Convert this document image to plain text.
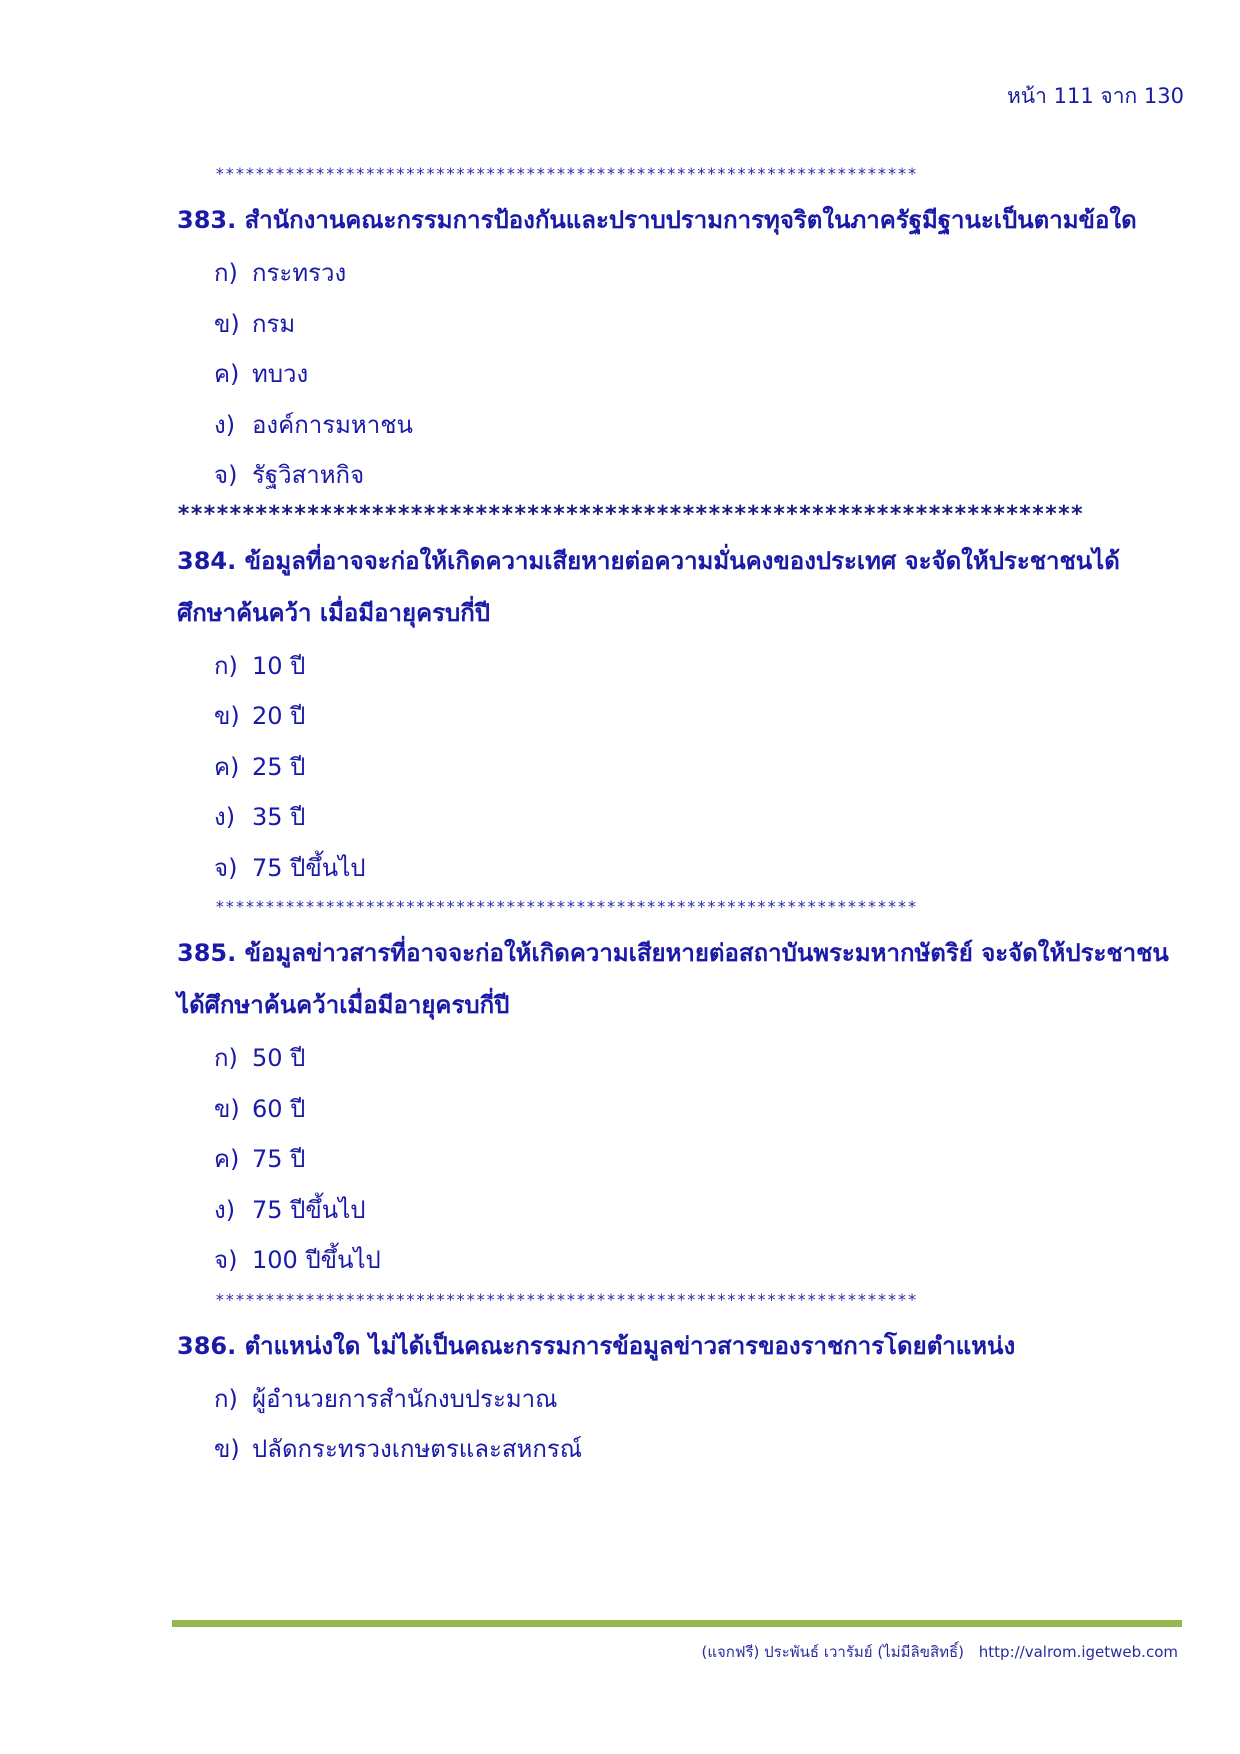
หน้า 111 จาก 130
**********************************************************************
383. สำนักงานคณะกรรมการป้องกันและปราบปรามการทุจริตในภาครัฐมีฐานะเป็นตามข้อใด
ก) กระทรวง
ข) กรม
ค) ทบวง
ง) องค์การมหาชน
จ) รัฐวิสาหกิจ
**********************************************************************
384. ข้อมูลที่อาจจะก่อให้เกิดความเสียหายต่อความมั่นคงของประเทศ จะจัดให้ประชาชนได้ศึกษาค้นคว้า เมื่อมีอายุครบกี่ปี
ก) 10 ปี
ข) 20 ปี
ค) 25 ปี
ง) 35 ปี
จ) 75 ปีขึ้นไป
**********************************************************************
385. ข้อมูลข่าวสารที่อาจจะก่อให้เกิดความเสียหายต่อสถาบันพระมหากษัตริย์ จะจัดให้ประชาชน ได้ศึกษาค้นคว้าเมื่อมีอายุครบกี่ปี
ก) 50 ปี
ข) 60 ปี
ค) 75 ปี
ง) 75 ปีขึ้นไป
จ) 100 ปีขึ้นไป
**********************************************************************
386. ตำแหน่งใด ไม่ได้เป็นคณะกรรมการข้อมูลข่าวสารของราชการโดยตำแหน่ง
ก) ผู้อำนวยการสำนักงบประมาณ
ข) ปลัดกระทรวงเกษตรและสหกรณ์
(แจกฟรี) ประพันธ์ เวารัมย์ (ไม่มีลิขสิทธิ์) http://valrom.igetweb.com
